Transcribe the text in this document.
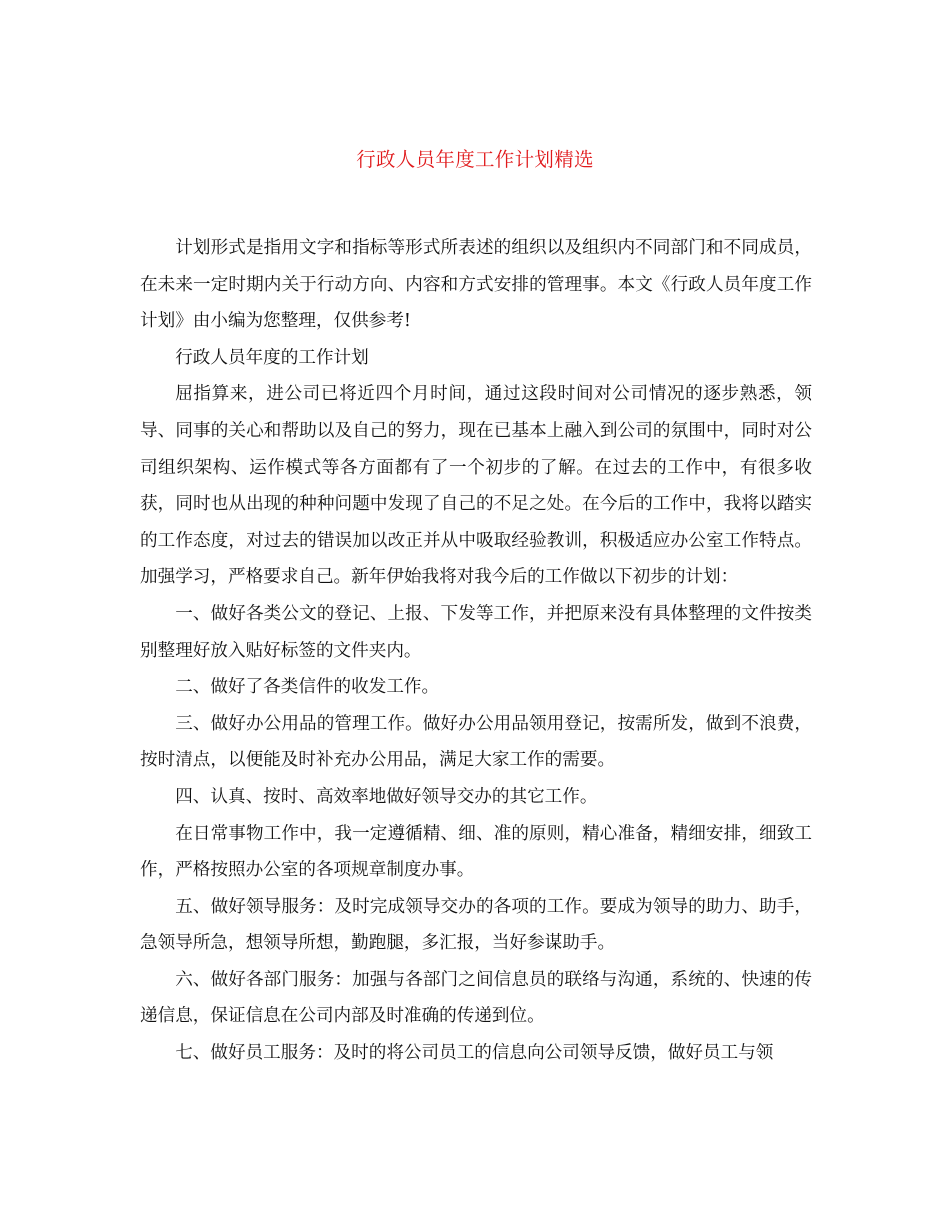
行政人员年度工作计划精选

计划形式是指用文字和指标等形式所表述的组织以及组织内不同部门和不同成员，在未来一定时期内关于行动方向、内容和方式安排的管理事。本文《行政人员年度工作计划》由小编为您整理，仅供参考!

行政人员年度的工作计划

屈指算来，进公司已将近四个月时间，通过这段时间对公司情况的逐步熟悉，领导、同事的关心和帮助以及自己的努力，现在已基本上融入到公司的氛围中，同时对公司组织架构、运作模式等各方面都有了一个初步的了解。在过去的工作中，有很多收获，同时也从出现的种种问题中发现了自己的不足之处。在今后的工作中，我将以踏实的工作态度，对过去的错误加以改正并从中吸取经验教训，积极适应办公室工作特点。加强学习，严格要求自己。新年伊始我将对我今后的工作做以下初步的计划：

一、做好各类公文的登记、上报、下发等工作，并把原来没有具体整理的文件按类别整理好放入贴好标签的文件夹内。

二、做好了各类信件的收发工作。

三、做好办公用品的管理工作。做好办公用品领用登记，按需所发，做到不浪费，按时清点，以便能及时补充办公用品，满足大家工作的需要。

四、认真、按时、高效率地做好领导交办的其它工作。

在日常事物工作中，我一定遵循精、细、准的原则，精心准备，精细安排，细致工作，严格按照办公室的各项规章制度办事。

五、做好领导服务：及时完成领导交办的各项的工作。要成为领导的助力、助手，急领导所急，想领导所想，勤跑腿，多汇报，当好参谋助手。

六、做好各部门服务：加强与各部门之间信息员的联络与沟通，系统的、快速的传递信息，保证信息在公司内部及时准确的传递到位。

七、做好员工服务：及时的将公司员工的信息向公司领导反馈，做好员工与领
